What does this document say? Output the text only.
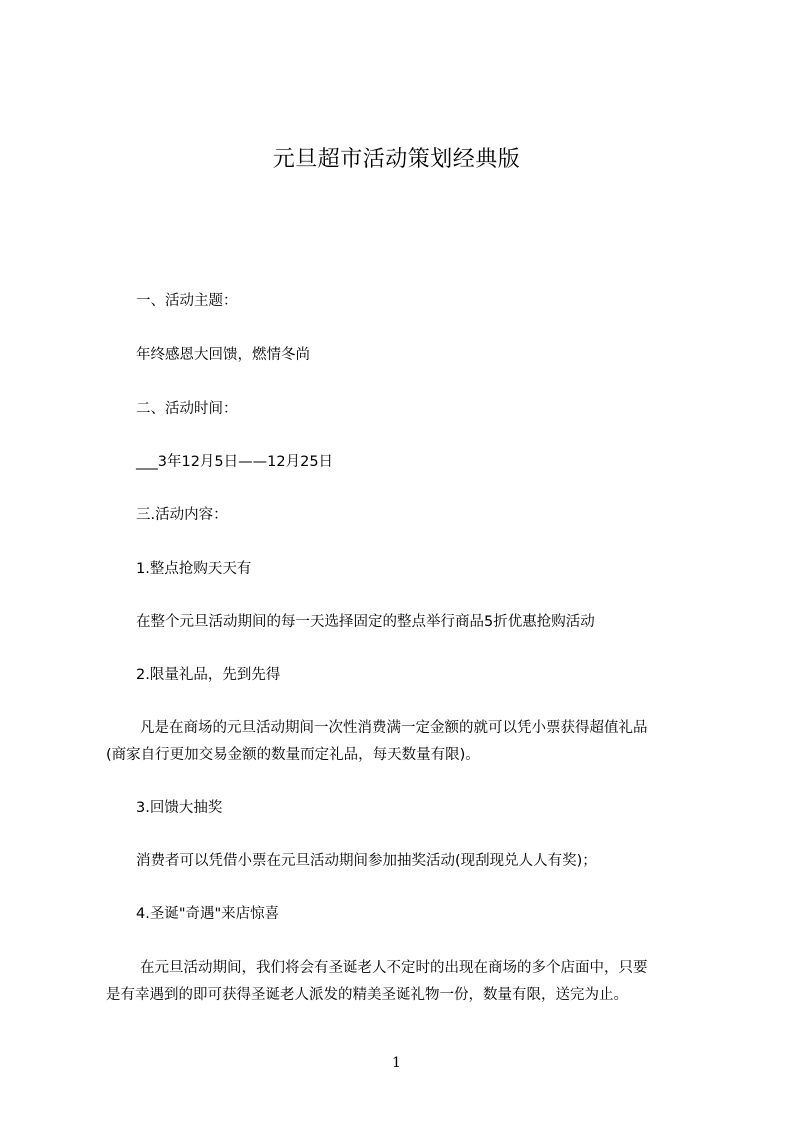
元旦超市活动策划经典版
一、活动主题：
年终感恩大回馈，燃情冬尚
二、活动时间：
___3年12月5日——12月25日
三.活动内容：
1.整点抢购天天有
在整个元旦活动期间的每一天选择固定的整点举行商品5折优惠抢购活动
2.限量礼品，先到先得
凡是在商场的元旦活动期间一次性消费满一定金额的就可以凭小票获得超值礼品
(商家自行更加交易金额的数量而定礼品，每天数量有限)。
3.回馈大抽奖
消费者可以凭借小票在元旦活动期间参加抽奖活动(现刮现兑人人有奖)；
4.圣诞"奇遇"来店惊喜
在元旦活动期间，我们将会有圣诞老人不定时的出现在商场的多个店面中，只要
是有幸遇到的即可获得圣诞老人派发的精美圣诞礼物一份，数量有限，送完为止。
1
